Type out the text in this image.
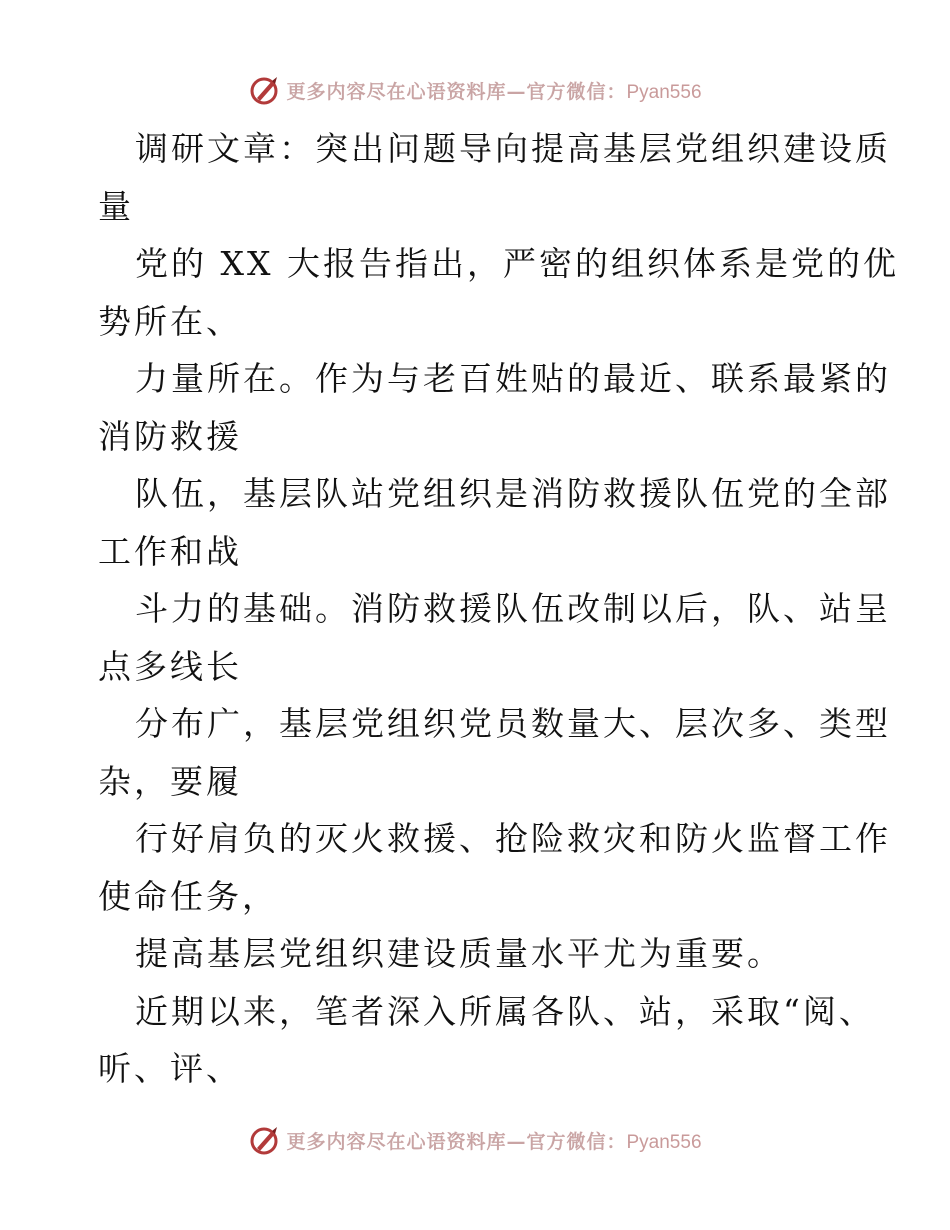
更多内容尽在心语资料库—官方微信：Pyan556
调研文章：突出问题导向提高基层党组织建设质
量
党的 XX 大报告指出，严密的组织体系是党的优
势所在、
力量所在。作为与老百姓贴的最近、联系最紧的
消防救援
队伍，基层队站党组织是消防救援队伍党的全部
工作和战
斗力的基础。消防救援队伍改制以后，队、站呈
点多线长
分布广，基层党组织党员数量大、层次多、类型
杂，要履
行好肩负的灭火救援、抢险救灾和防火监督工作
使命任务，
提高基层党组织建设质量水平尤为重要。
近期以来，笔者深入所属各队、站，采取“阅、
听、评、
更多内容尽在心语资料库—官方微信：Pyan556
